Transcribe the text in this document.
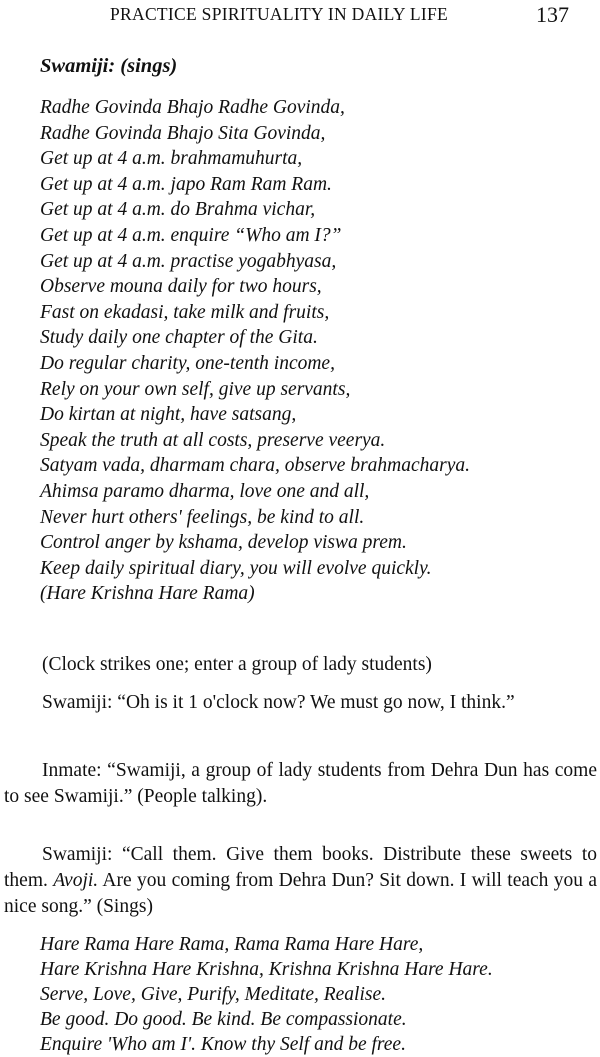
PRACTICE SPIRITUALITY IN DAILY LIFE	137
Swamiji: (sings)
Radhe Govinda Bhajo Radhe Govinda,
Radhe Govinda Bhajo Sita Govinda,
Get up at 4 a.m. brahmamuhurta,
Get up at 4 a.m. japo Ram Ram Ram.
Get up at 4 a.m. do Brahma vichar,
Get up at 4 a.m. enquire “Who am I?”
Get up at 4 a.m. practise yogabhyasa,
Observe mouna daily for two hours,
Fast on ekadasi, take milk and fruits,
Study daily one chapter of the Gita.
Do regular charity, one-tenth income,
Rely on your own self, give up servants,
Do kirtan at night, have satsang,
Speak the truth at all costs, preserve veerya.
Satyam vada, dharmam chara, observe brahmacharya.
Ahimsa paramo dharma, love one and all,
Never hurt others' feelings, be kind to all.
Control anger by kshama, develop viswa prem.
Keep daily spiritual diary, you will evolve quickly.
(Hare Krishna Hare Rama)

(Clock strikes one; enter a group of lady students)

Swamiji: “Oh is it 1 o'clock now? We must go now, I think.”

Inmate: “Swamiji, a group of lady students from Dehra Dun has come to see Swamiji.” (People talking).

Swamiji: “Call them. Give them books. Distribute these sweets to them. Avoji. Are you coming from Dehra Dun? Sit down. I will teach you a nice song.” (Sings)

Hare Rama Hare Rama, Rama Rama Hare Hare,
Hare Krishna Hare Krishna, Krishna Krishna Hare Hare.
Serve, Love, Give, Purify, Meditate, Realise.
Be good. Do good. Be kind. Be compassionate.
Enquire 'Who am I'. Know thy Self and be free.
